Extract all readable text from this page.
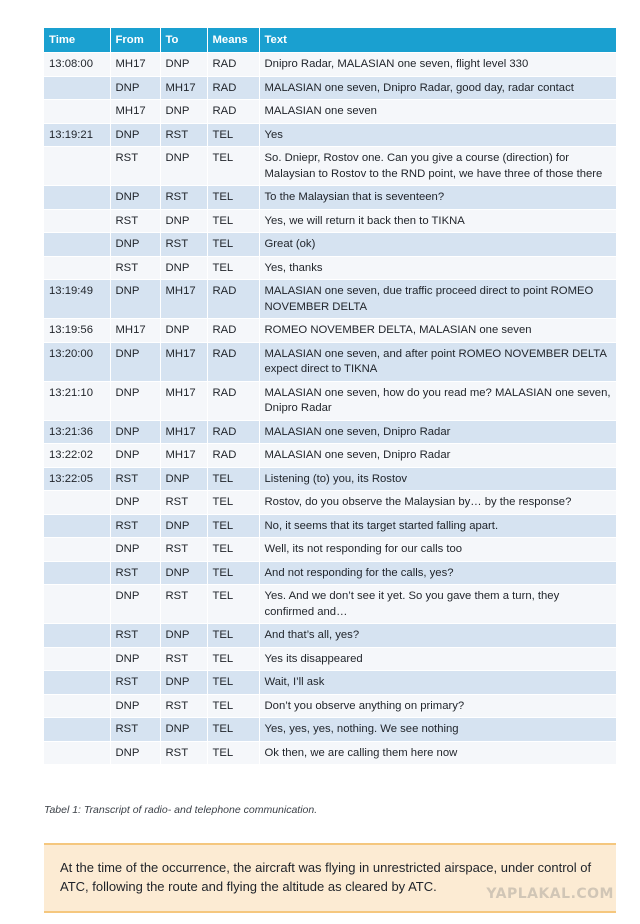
Time	From	To	Means	Text
13:08:00	MH17	DNP	RAD	Dnipro Radar, MALASIAN one seven, flight level 330
	DNP	MH17	RAD	MALASIAN one seven, Dnipro Radar, good day, radar contact
	MH17	DNP	RAD	MALASIAN one seven
13:19:21	DNP	RST	TEL	Yes
	RST	DNP	TEL	So. Dniepr, Rostov one. Can you give a course (direction) for Malaysian to Rostov to the RND point, we have three of those there
	DNP	RST	TEL	To the Malaysian that is seventeen?
	RST	DNP	TEL	Yes, we will return it back then to TIKNA
	DNP	RST	TEL	Great (ok)
	RST	DNP	TEL	Yes, thanks
13:19:49	DNP	MH17	RAD	MALASIAN one seven, due traffic proceed direct to point ROMEO NOVEMBER DELTA
13:19:56	MH17	DNP	RAD	ROMEO NOVEMBER DELTA, MALASIAN one seven
13:20:00	DNP	MH17	RAD	MALASIAN one seven, and after point ROMEO NOVEMBER DELTA expect direct to TIKNA
13:21:10	DNP	MH17	RAD	MALASIAN one seven, how do you read me? MALASIAN one seven, Dnipro Radar
13:21:36	DNP	MH17	RAD	MALASIAN one seven, Dnipro Radar
13:22:02	DNP	MH17	RAD	MALASIAN one seven, Dnipro Radar
13:22:05	RST	DNP	TEL	Listening (to) you, its Rostov
	DNP	RST	TEL	Rostov, do you observe the Malaysian by… by the response?
	RST	DNP	TEL	No, it seems that its target started falling apart.
	DNP	RST	TEL	Well, its not responding for our calls too
	RST	DNP	TEL	And not responding for the calls, yes?
	DNP	RST	TEL	Yes. And we don’t see it yet. So you gave them a turn, they confirmed and…
	RST	DNP	TEL	And that’s all, yes?
	DNP	RST	TEL	Yes its disappeared
	RST	DNP	TEL	Wait, I’ll ask
	DNP	RST	TEL	Don’t you observe anything on primary?
	RST	DNP	TEL	Yes, yes, yes, nothing. We see nothing
	DNP	RST	TEL	Ok then, we are calling them here now
Tabel 1: Transcript of radio- and telephone communication.
At the time of the occurrence, the aircraft was flying in unrestricted airspace, under control of ATC, following the route and flying the altitude as cleared by ATC.	YAPLAKAL.COM
